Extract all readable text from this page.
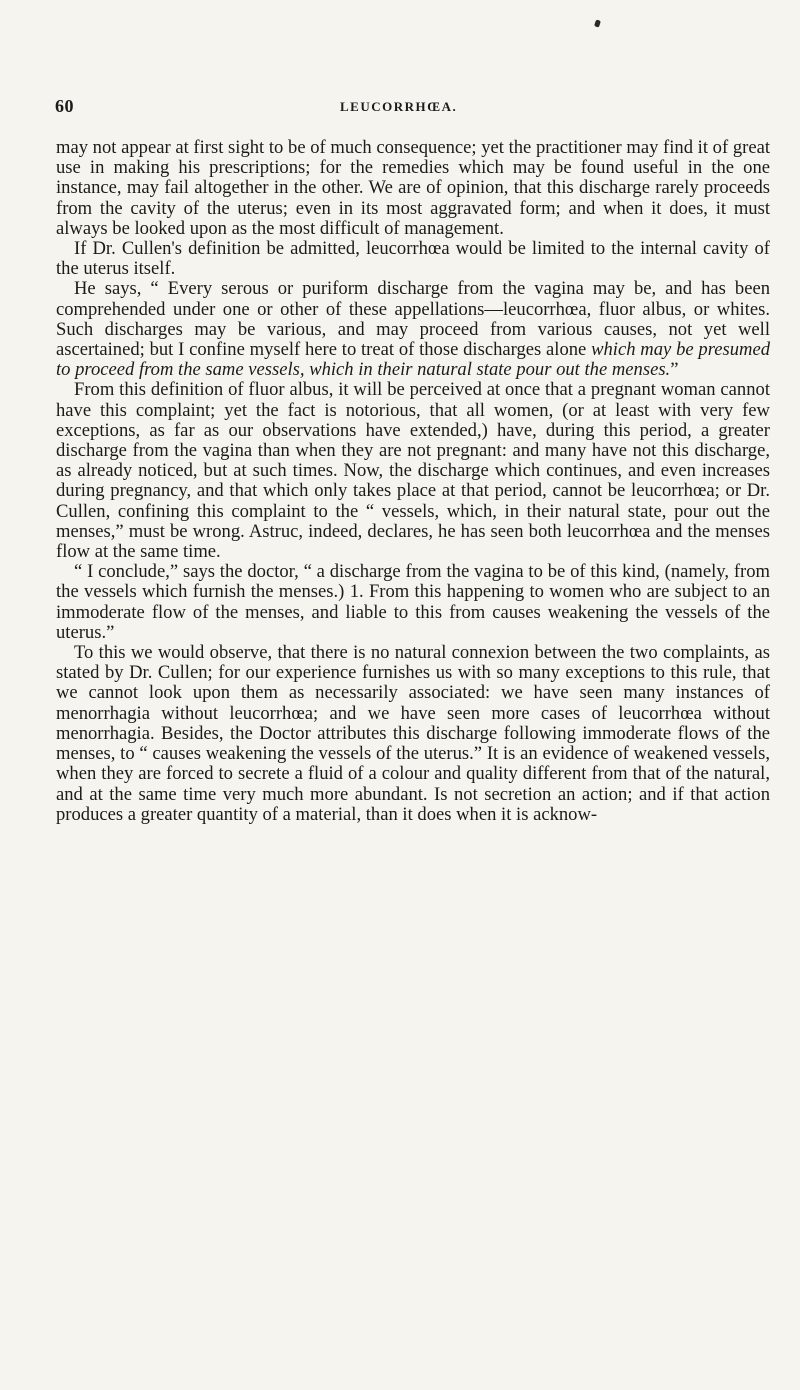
60	LEUCORRHŒA.

may not appear at first sight to be of much consequence; yet the practitioner may find it of great use in making his prescriptions; for the remedies which may be found useful in the one instance, may fail altogether in the other. We are of opinion, that this discharge rarely proceeds from the cavity of the uterus; even in its most aggravated form; and when it does, it must always be looked upon as the most difficult of management.

If Dr. Cullen's definition be admitted, leucorrhœa would be limited to the internal cavity of the uterus itself.

He says, “ Every serous or puriform discharge from the vagina may be, and has been comprehended under one or other of these appellations—leucorrhœa, fluor albus, or whites. Such discharges may be various, and may proceed from various causes, not yet well ascertained; but I confine myself here to treat of those discharges alone which may be presumed to proceed from the same vessels, which in their natural state pour out the menses.”

From this definition of fluor albus, it will be perceived at once that a pregnant woman cannot have this complaint; yet the fact is notorious, that all women, (or at least with very few exceptions, as far as our observations have extended,) have, during this period, a greater discharge from the vagina than when they are not pregnant: and many have not this discharge, as already noticed, but at such times. Now, the discharge which continues, and even increases during pregnancy, and that which only takes place at that period, cannot be leucorrhœa; or Dr. Cullen, confining this complaint to the “ vessels, which, in their natural state, pour out the menses,” must be wrong. Astruc, indeed, declares, he has seen both leucorrhœa and the menses flow at the same time.

“ I conclude,” says the doctor, “ a discharge from the vagina to be of this kind, (namely, from the vessels which furnish the menses.) 1. From this happening to women who are subject to an immoderate flow of the menses, and liable to this from causes weakening the vessels of the uterus.”

To this we would observe, that there is no natural connexion between the two complaints, as stated by Dr. Cullen; for our experience furnishes us with so many exceptions to this rule, that we cannot look upon them as necessarily associated: we have seen many instances of menorrhagia without leucorrhœa; and we have seen more cases of leucorrhœa without menorrhagia. Besides, the Doctor attributes this discharge following immoderate flows of the menses, to “ causes weakening the vessels of the uterus.” It is an evidence of weakened vessels, when they are forced to secrete a fluid of a colour and quality different from that of the natural, and at the same time very much more abundant. Is not secretion an action; and if that action produces a greater quantity of a material, than it does when it is acknow-
